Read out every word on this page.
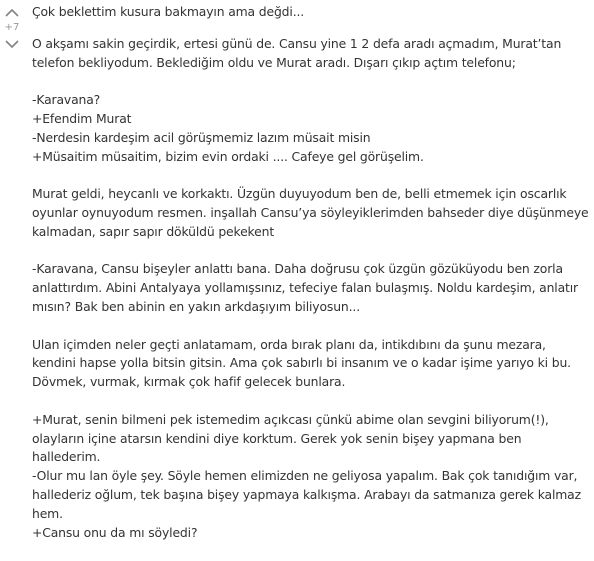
+7

Çok beklettim kusura bakmayın ama değdi...

O akşamı sakin geçirdik, ertesi günü de. Cansu yine 1 2 defa aradı açmadım, Murat’tan
telefon bekliyodum. Beklediğim oldu ve Murat aradı. Dışarı çıkıp açtım telefonu;

-Karavana?
+Efendim Murat
-Nerdesin kardeşim acil görüşmemiz lazım müsait misin
+Müsaitim müsaitim, bizim evin ordaki .... Cafeye gel görüşelim.

Murat geldi, heycanlı ve korkaktı. Üzgün duyuyodum ben de, belli etmemek için oscarlık
oyunlar oynuyodum resmen. inşallah Cansu’ya söyleyiklerimden bahseder diye düşünmeye
kalmadan, sapır sapır döküldü pekekent

-Karavana, Cansu bişeyler anlattı bana. Daha doğrusu çok üzgün gözüküyodu ben zorla
anlattırdım. Abini Antalyaya yollamışsınız, tefeciye falan bulaşmış. Noldu kardeşim, anlatır
mısın? Bak ben abinin en yakın arkdaşıyım biliyosun...

Ulan içimden neler geçti anlatamam, orda bırak planı da, intikdıbını da şunu mezara,
kendini hapse yolla bitsin gitsin. Ama çok sabırlı bi insanım ve o kadar işime yarıyo ki bu.
Dövmek, vurmak, kırmak çok hafif gelecek bunlara.

+Murat, senin bilmeni pek istemedim açıkcası çünkü abime olan sevgini biliyorum(!),
olayların içine atarsın kendini diye korktum. Gerek yok senin bişey yapmana ben
hallederim.
-Olur mu lan öyle şey. Söyle hemen elimizden ne geliyosa yapalım. Bak çok tanıdığım var,
hallederiz oğlum, tek başına bişey yapmaya kalkışma. Arabayı da satmanıza gerek kalmaz
hem.
+Cansu onu da mı söyledi?
